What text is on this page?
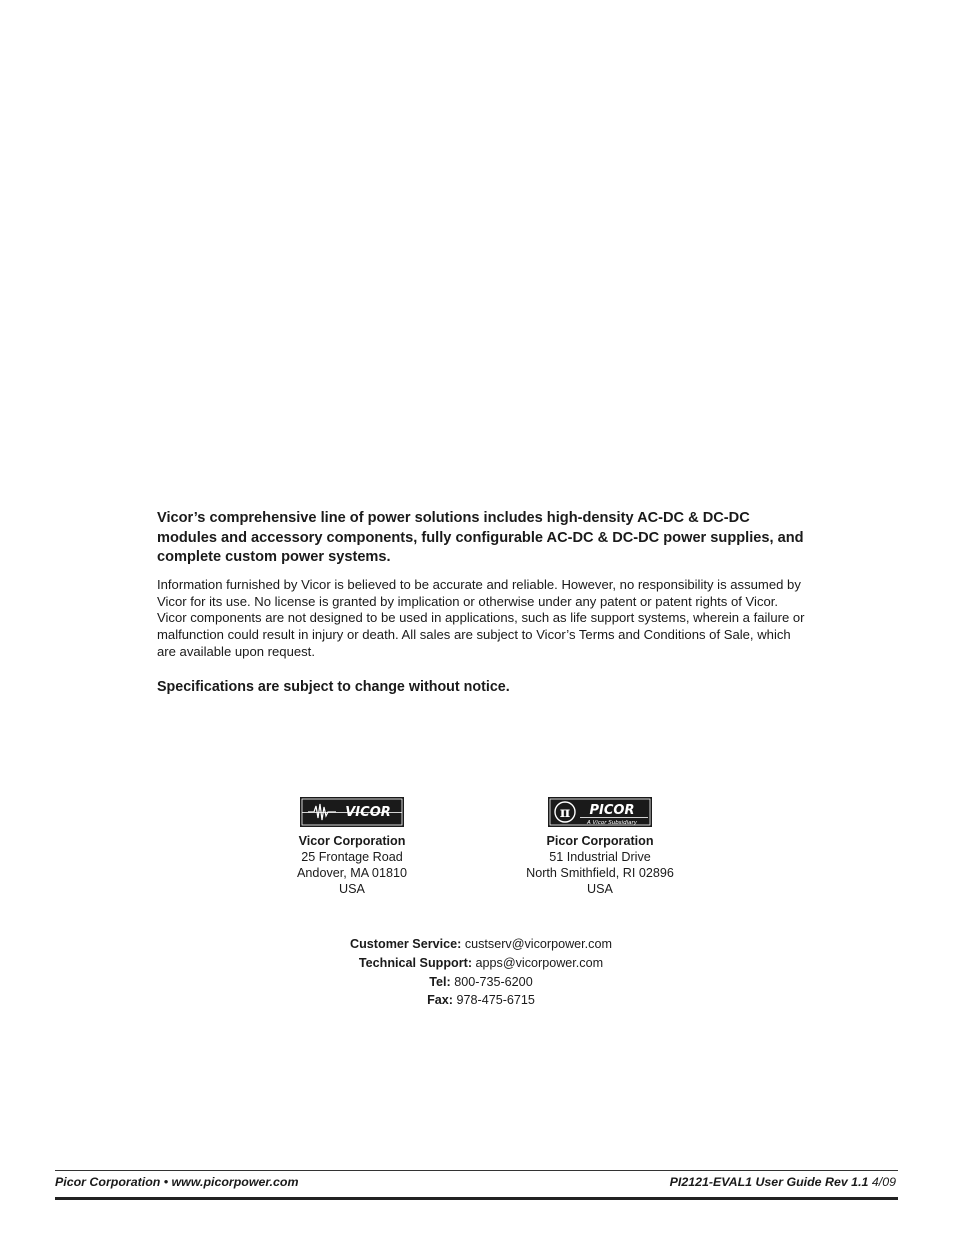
Vicor’s comprehensive line of power solutions includes high-density AC-DC & DC-DC modules and accessory components, fully configurable AC-DC & DC-DC power supplies, and complete custom power systems.

Information furnished by Vicor is believed to be accurate and reliable. However, no responsibility is assumed by Vicor for its use. No license is granted by implication or otherwise under any patent or patent rights of Vicor. Vicor components are not designed to be used in applications, such as life support systems, wherein a failure or malfunction could result in injury or death. All sales are subject to Vicor’s Terms and Conditions of Sale, which are available upon request.

Specifications are subject to change without notice.

VICOR
Vicor Corporation
25 Frontage Road
Andover, MA 01810
USA
π PICOR
A Vicor Subsidiary
Picor Corporation
51 Industrial Drive
North Smithfield, RI 02896
USA
Customer Service: custserv@vicorpower.com
Technical Support: apps@vicorpower.com
Tel: 800-735-6200
Fax: 978-475-6715
Picor Corporation • www.picorpower.com	PI2121-EVAL1 User Guide Rev 1.1 4/09
